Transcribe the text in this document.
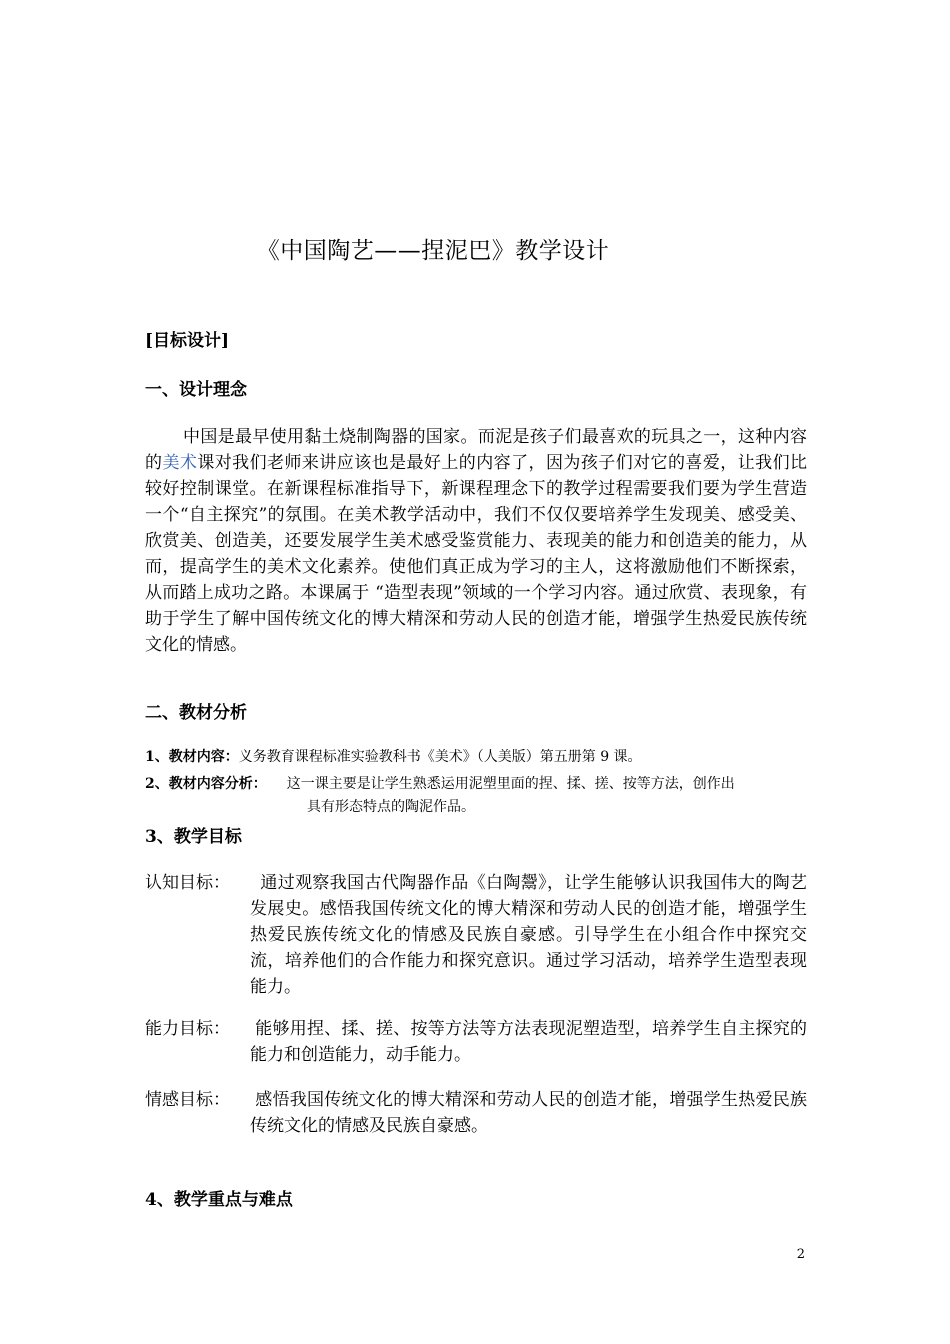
《中国陶艺——捏泥巴》教学设计
[目标设计]
一、设计理念
中国是最早使用黏土烧制陶器的国家。而泥是孩子们最喜欢的玩具之一，这种内容的美术课对我们老师来讲应该也是最好上的内容了，因为孩子们对它的喜爱，让我们比较好控制课堂。在新课程标准指导下，新课程理念下的教学过程需要我们要为学生营造一个“自主探究”的氛围。在美术教学活动中，我们不仅仅要培养学生发现美、感受美、欣赏美、创造美，还要发展学生美术感受鉴赏能力、表现美的能力和创造美的能力，从而，提高学生的美术文化素养。使他们真正成为学习的主人，这将激励他们不断探索，从而踏上成功之路。本课属于 “造型表现”领域的一个学习内容。通过欣赏、表现象，有助于学生了解中国传统文化的博大精深和劳动人民的创造才能，增强学生热爱民族传统文化的情感。
二、教材分析
1、教材内容：义务教育课程标准实验教科书《美术》（人美版）第五册第 9 课。
2、教材内容分析： 这一课主要是让学生熟悉运用泥塑里面的捏、揉、搓、按等方法，创作出
具有形态特点的陶泥作品。
3、教学目标
认知目标：	通过观察我国古代陶器作品《白陶鬶》，让学生能够认识我国伟大的陶艺发展史。感悟我国传统文化的博大精深和劳动人民的创造才能，增强学生热爱民族传统文化的情感及民族自豪感。引导学生在小组合作中探究交流，培养他们的合作能力和探究意识。通过学习活动，培养学生造型表现能力。
能力目标：	能够用捏、揉、搓、按等方法等方法表现泥塑造型，培养学生自主探究的能力和创造能力，动手能力。
情感目标：	感悟我国传统文化的博大精深和劳动人民的创造才能，增强学生热爱民族传统文化的情感及民族自豪感。
4、教学重点与难点
2
